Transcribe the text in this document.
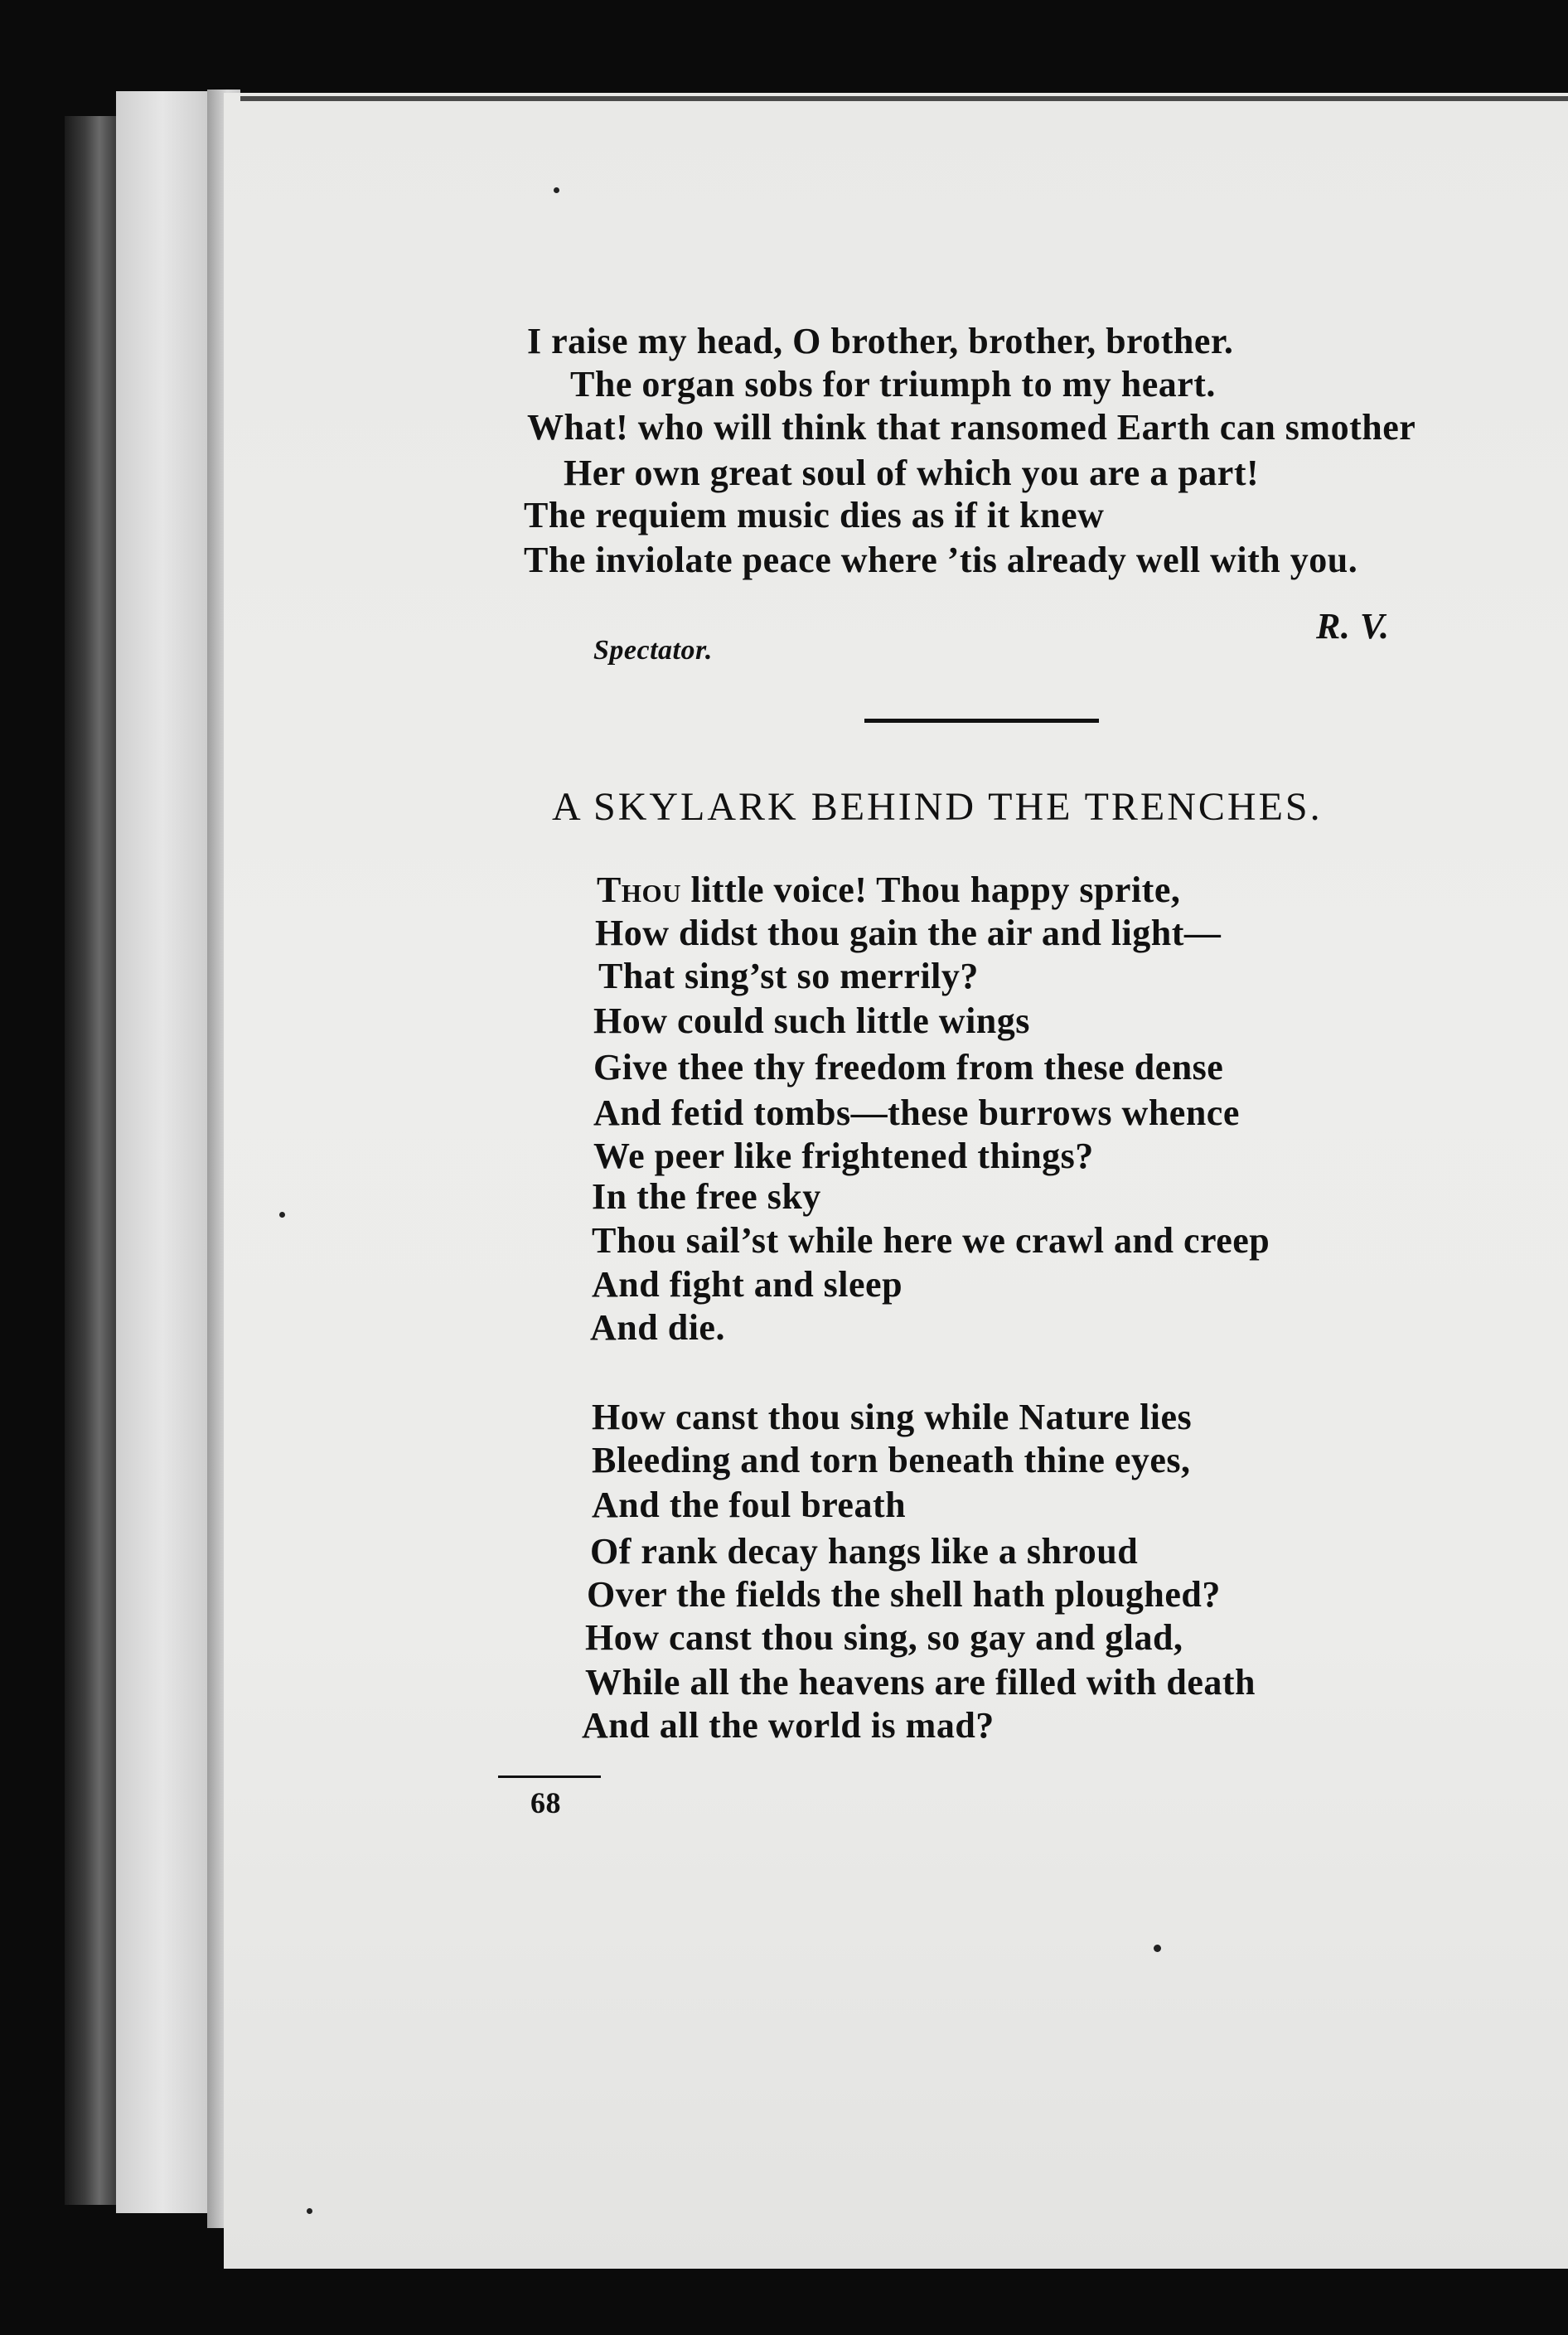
I raise my head, O brother, brother, brother.
The organ sobs for triumph to my heart.
What! who will think that ransomed Earth can smother
Her own great soul of which you are a part!
The requiem music dies as if it knew
The inviolate peace where ’tis already well with you.
R. V.
Spectator.
A SKYLARK BEHIND THE TRENCHES.
Thou little voice! Thou happy sprite,
How didst thou gain the air and light—
That sing’st so merrily?
How could such little wings
Give thee thy freedom from these dense
And fetid tombs—these burrows whence
We peer like frightened things?
In the free sky
Thou sail’st while here we crawl and creep
And fight and sleep
And die.
How canst thou sing while Nature lies
Bleeding and torn beneath thine eyes,
And the foul breath
Of rank decay hangs like a shroud
Over the fields the shell hath ploughed?
How canst thou sing, so gay and glad,
While all the heavens are filled with death
And all the world is mad?
68
